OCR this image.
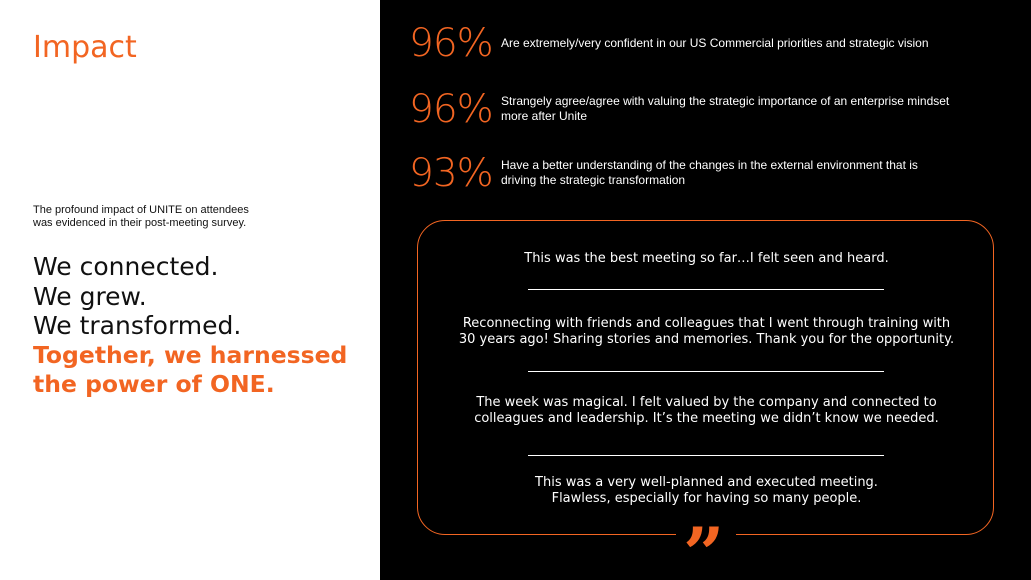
Impact
The profound impact of UNITE on attendees
was evidenced in their post-meeting survey.
We connected.
We grew.
We transformed.
Together, we harnessed
the power of ONE.
96% Are extremely/very confident in our US Commercial priorities and strategic vision
96% Strangely agree/agree with valuing the strategic importance of an enterprise mindset
more after Unite
93% Have a better understanding of the changes in the external environment that is
driving the strategic transformation
This was the best meeting so far…I felt seen and heard.
Reconnecting with friends and colleagues that I went through training with
30 years ago! Sharing stories and memories. Thank you for the opportunity.
The week was magical. I felt valued by the company and connected to
colleagues and leadership. It’s the meeting we didn’t know we needed.
This was a very well-planned and executed meeting.
Flawless, especially for having so many people.
”
